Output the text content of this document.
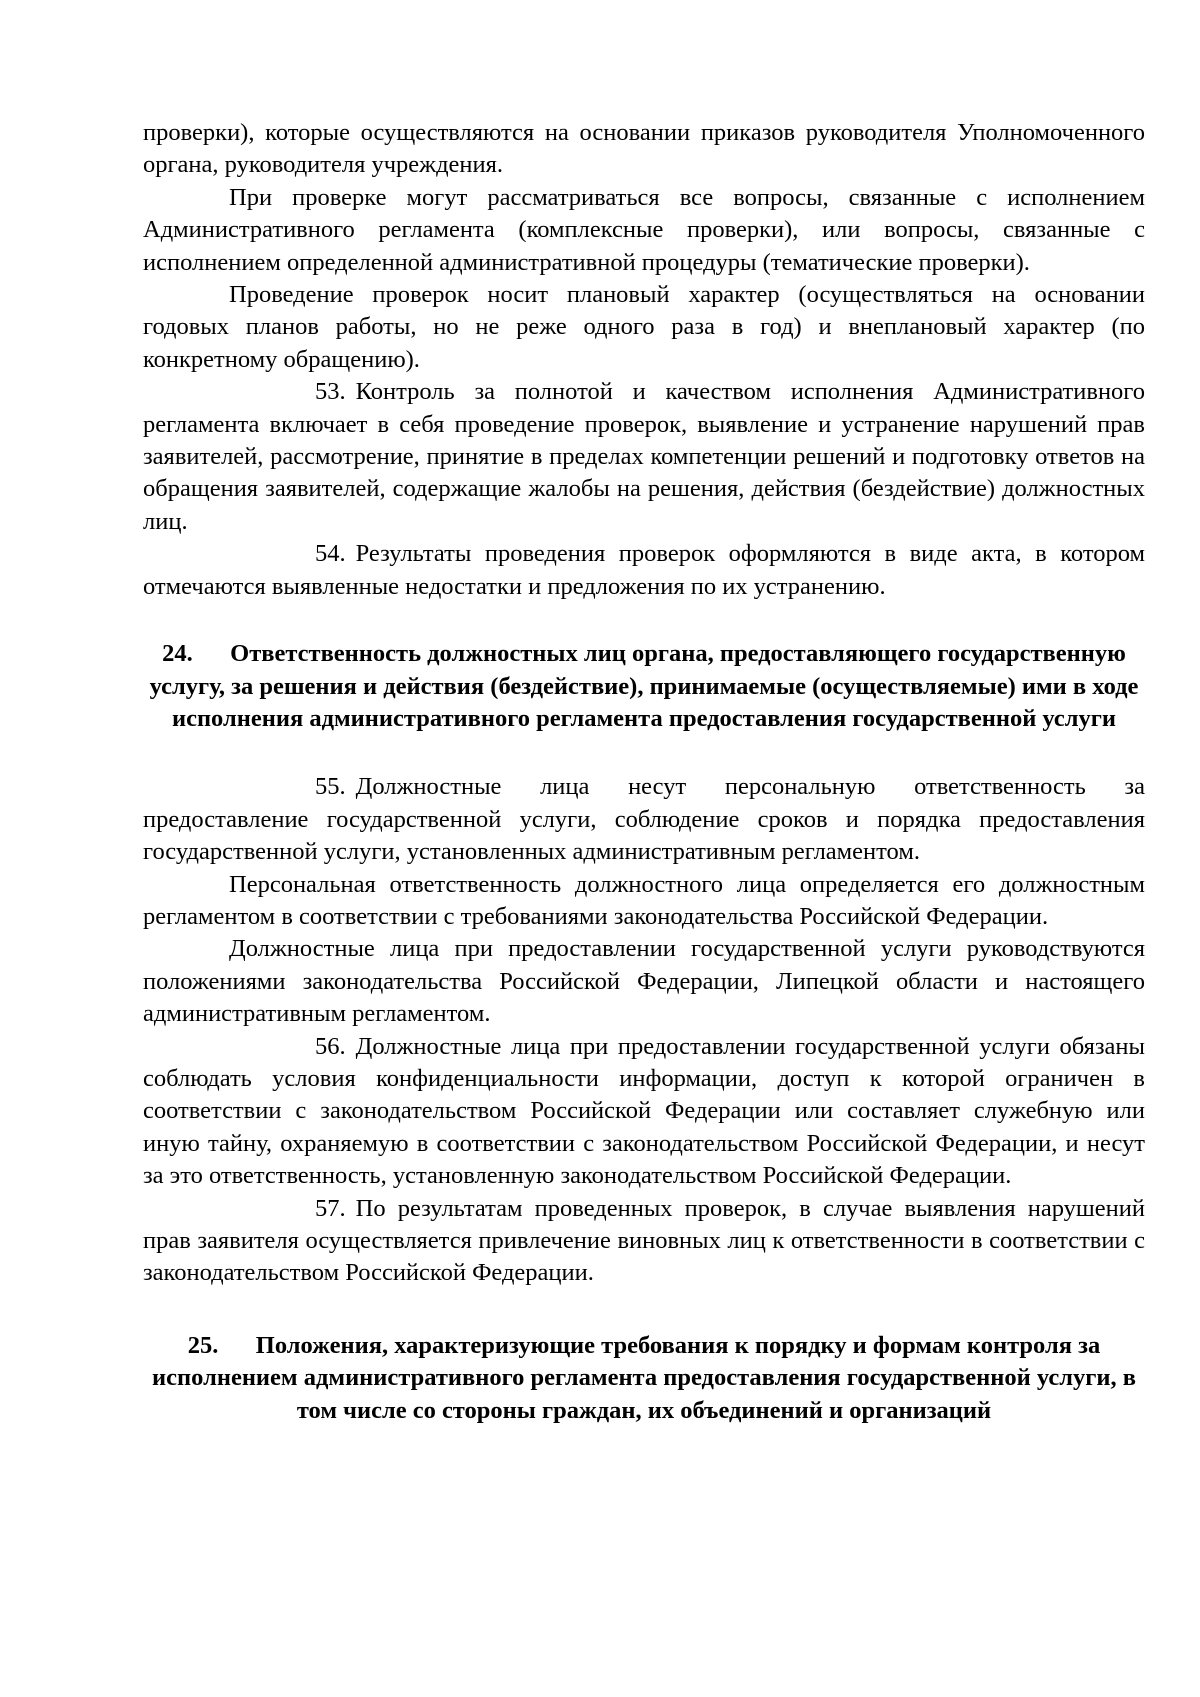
проверки), которые осуществляются на основании приказов руководителя Уполномоченного органа, руководителя учреждения.

При проверке могут рассматриваться все вопросы, связанные с исполнением Административного регламента (комплексные проверки), или вопросы, связанные с исполнением определенной административной процедуры (тематические проверки).

Проведение проверок носит плановый характер (осуществляться на основании годовых планов работы, но не реже одного раза в год) и внеплановый характер (по конкретному обращению).

53. Контроль за полнотой и качеством исполнения Административного регламента включает в себя проведение проверок, выявление и устранение нарушений прав заявителей, рассмотрение, принятие в пределах компетенции решений и подготовку ответов на обращения заявителей, содержащие жалобы на решения, действия (бездействие) должностных лиц.

54. Результаты проведения проверок оформляются в виде акта, в котором отмечаются выявленные недостатки и предложения по их устранению.

24. Ответственность должностных лиц органа, предоставляющего государственную услугу, за решения и действия (бездействие), принимаемые (осуществляемые) ими в ходе исполнения административного регламента предоставления государственной услуги

55. Должностные лица несут персональную ответственность за предоставление государственной услуги, соблюдение сроков и порядка предоставления государственной услуги, установленных административным регламентом.

Персональная ответственность должностного лица определяется его должностным регламентом в соответствии с требованиями законодательства Российской Федерации.

Должностные лица при предоставлении государственной услуги руководствуются положениями законодательства Российской Федерации, Липецкой области и настоящего административным регламентом.

56. Должностные лица при предоставлении государственной услуги обязаны соблюдать условия конфиденциальности информации, доступ к которой ограничен в соответствии с законодательством Российской Федерации или составляет служебную или иную тайну, охраняемую в соответствии с законодательством Российской Федерации, и несут за это ответственность, установленную законодательством Российской Федерации.

57. По результатам проведенных проверок, в случае выявления нарушений прав заявителя осуществляется привлечение виновных лиц к ответственности в соответствии с законодательством Российской Федерации.

25. Положения, характеризующие требования к порядку и формам контроля за исполнением административного регламента предоставления государственной услуги, в том числе со стороны граждан, их объединений и организаций
